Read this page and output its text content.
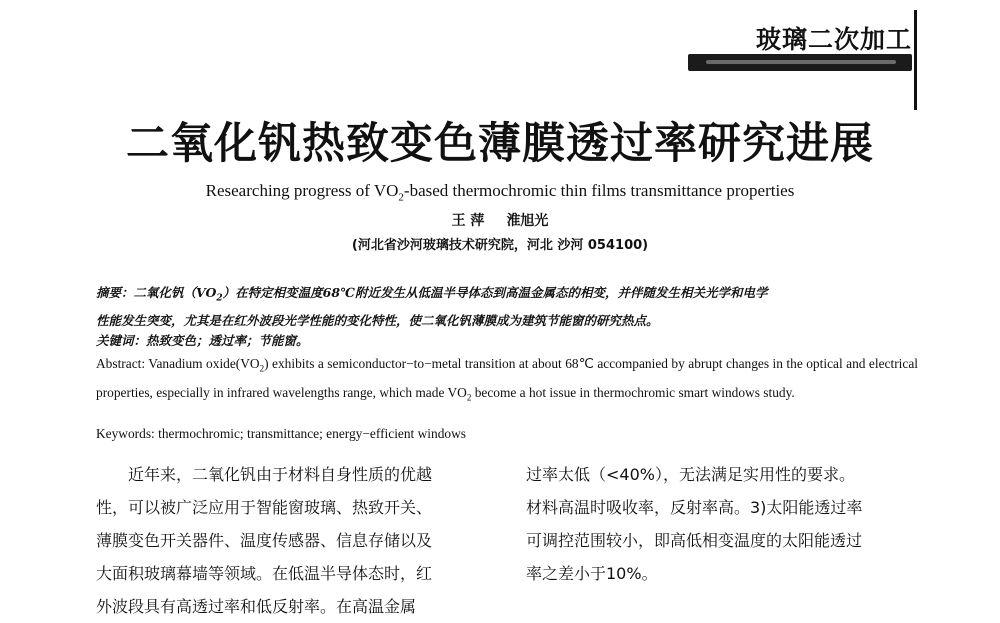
玻璃二次加工
二氧化钒热致变色薄膜透过率研究进展
Researching progress of $VO_2$-based thermochromic thin films transmittance properties
王 萍 淮旭光
(河北省沙河玻璃技术研究院，河北 沙河 054100)
摘要：二氧化钒$(VO_2)$在特定相变温度68℃附近发生从低温半导体态到高温金属态的相变，并伴随发生相关光学和电学
性能发生突变，尤其是在红外波段光学性能的变化特性，使二氧化钒薄膜成为建筑节能窗的研究热点。
关键词：热致变色；透过率；节能窗。
Abstract: Vanadium $oxide(VO_2)$ exhibits a semiconductor−to−metal transition at about 68℃ accompanied by abrupt changes in the optical and electrical properties, especially in infrared wavelengths range, which made $VO_2$ become a hot issue in thermochromic smart windows study.
Keywords: thermochromic; transmittance; energy−efficient windows
近年来，二氧化钒由于材料自身性质的优越
性，可以被广泛应用于智能窗玻璃、热致开关、
薄膜变色开关器件、温度传感器、信息存储以及
大面积玻璃幕墙等领域。在低温半导体态时，红
外波段具有高透过率和低反射率。在高温金属
过率太低（<40%），无法满足实用性的要求。
材料高温时吸收率，反射率高。3)太阳能透过率
可调控范围较小，即高低相变温度的太阳能透过
率之差小于10%。
